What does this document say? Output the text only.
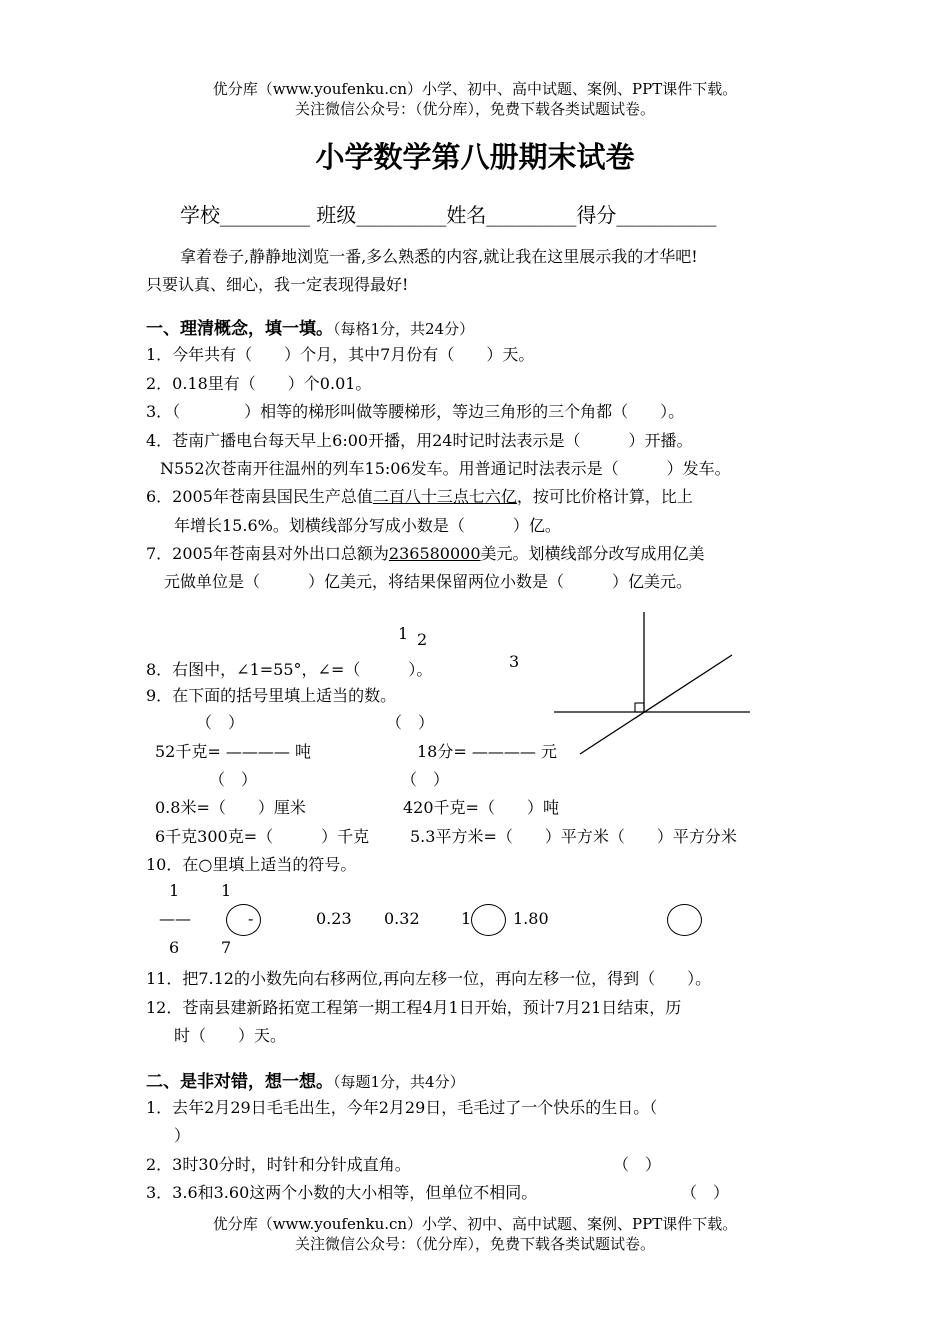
优分库（www.youfenku.cn）小学、初中、高中试题、案例、PPT课件下载。
关注微信公众号：（优分库），免费下载各类试题试卷。
小学数学第八册期末试卷
学校_________ 班级_________姓名_________得分__________
拿着卷子,静静地浏览一番,多么熟悉的内容,就让我在这里展示我的才华吧!
只要认真、细心，我一定表现得最好!
一、理清概念，填一填。（每格1分，共24分）
1．今年共有（　　）个月，其中7月份有（　　）天。
2．0.18里有（　　）个0.01。
3．（　　　　）相等的梯形叫做等腰梯形，等边三角形的三个角都（　　）。
4．苍南广播电台每天早上6:00开播，用24时记时法表示是（　　　）开播。
N552次苍南开往温州的列车15:06发车。用普通记时法表示是（　　　）发车。
6．2005年苍南县国民生产总值二百八十三点七六亿，按可比价格计算，比上
年增长15.6%。划横线部分写成小数是（　　　）亿。
7．2005年苍南县对外出口总额为236580000美元。划横线部分改写成用亿美
元做单位是（　　　）亿美元，将结果保留两位小数是（　　　）亿美元。
1 2
3
8．右图中，∠1=55°，∠=（　　　）。
9．在下面的括号里填上适当的数。
（　）	（　）
52千克= ———— 吨	18分= ———— 元
（　）	（　）
0.8米=（　　）厘米	420千克=（　　）吨
6千克300克=（　　　）千克	5.3平方米=（　　）平方米（　　）平方分米
10．在○里填上适当的符号。
1	1
——	-	0.23 0.32	1	1.80
6	7
11．把7.12的小数先向右移两位,再向左移一位，再向左移一位，得到（　　）。
12．苍南县建新路拓宽工程第一期工程4月1日开始，预计7月21日结束，历
时（　　）天。
二、是非对错，想一想。（每题1分，共4分）
1．去年2月29日毛毛出生，今年2月29日，毛毛过了一个快乐的生日。（
）
2．3时30分时，时针和分针成直角。	（　）
3．3.6和3.60这两个小数的大小相等，但单位不相同。	（　）
优分库（www.youfenku.cn）小学、初中、高中试题、案例、PPT课件下载。
关注微信公众号：（优分库），免费下载各类试题试卷。
